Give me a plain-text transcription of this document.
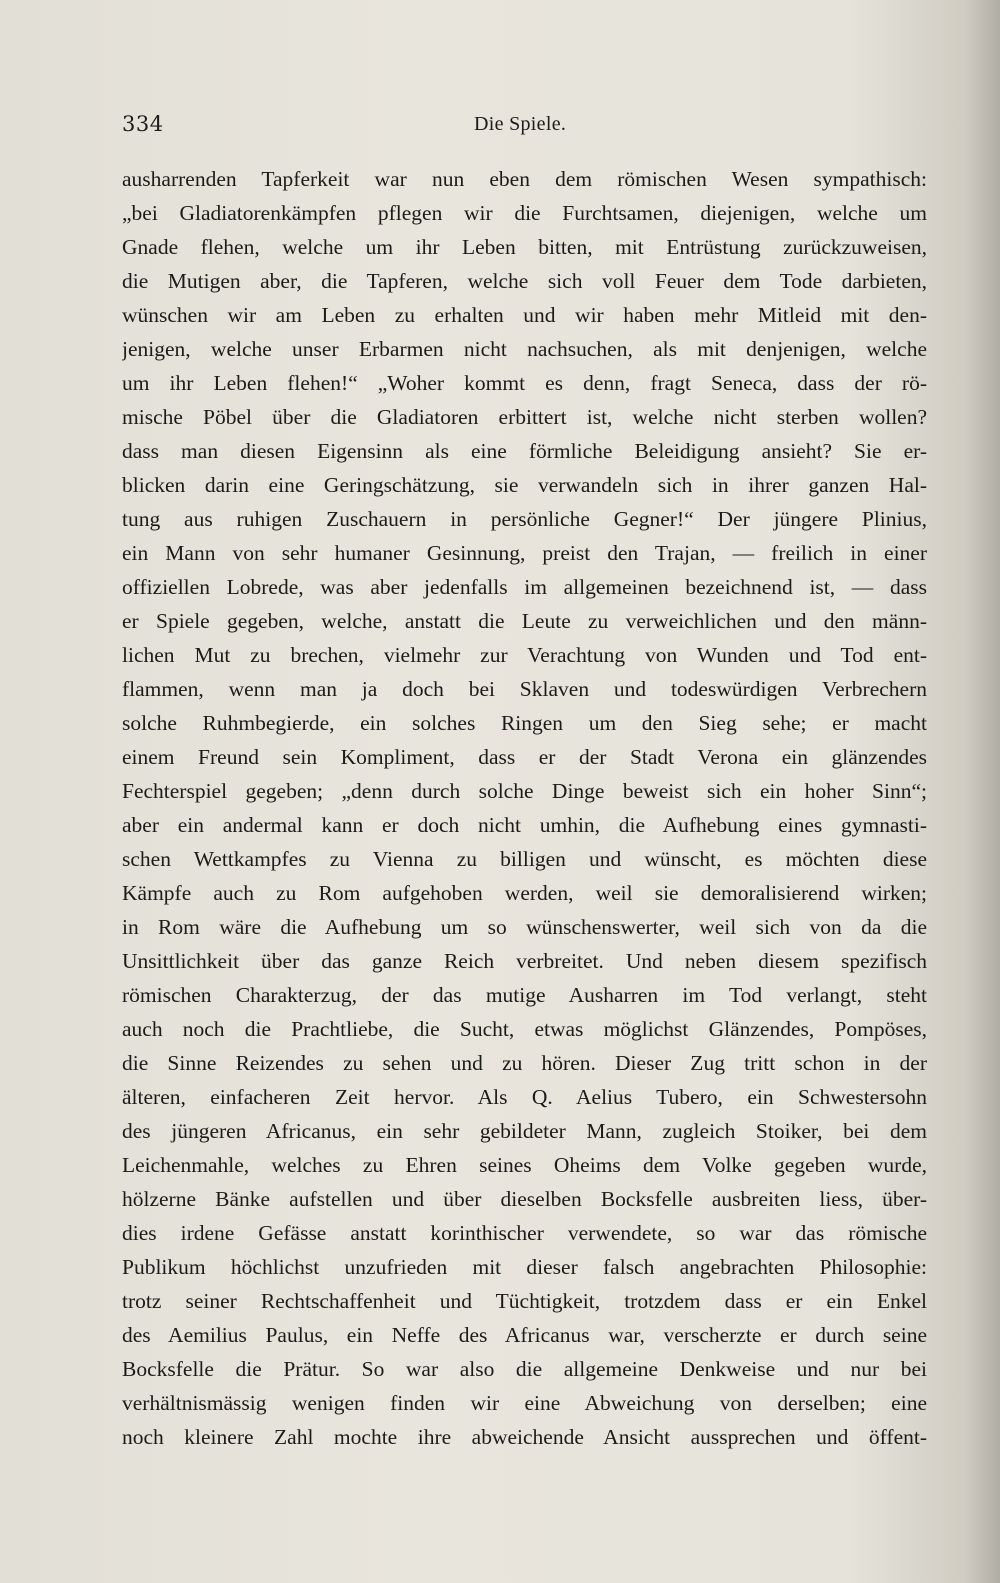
334	Die Spiele.
ausharrenden Tapferkeit war nun eben dem römischen Wesen sympathisch:
„bei Gladiatorenkämpfen pflegen wir die Furchtsamen, diejenigen, welche um
Gnade flehen, welche um ihr Leben bitten, mit Entrüstung zurückzuweisen,
die Mutigen aber, die Tapferen, welche sich voll Feuer dem Tode darbieten,
wünschen wir am Leben zu erhalten und wir haben mehr Mitleid mit den-
jenigen, welche unser Erbarmen nicht nachsuchen, als mit denjenigen, welche
um ihr Leben flehen!“ „Woher kommt es denn, fragt Seneca, dass der rö-
mische Pöbel über die Gladiatoren erbittert ist, welche nicht sterben wollen?
dass man diesen Eigensinn als eine förmliche Beleidigung ansieht? Sie er-
blicken darin eine Geringschätzung, sie verwandeln sich in ihrer ganzen Hal-
tung aus ruhigen Zuschauern in persönliche Gegner!“ Der jüngere Plinius,
ein Mann von sehr humaner Gesinnung, preist den Trajan, — freilich in einer
offiziellen Lobrede, was aber jedenfalls im allgemeinen bezeichnend ist, — dass
er Spiele gegeben, welche, anstatt die Leute zu verweichlichen und den männ-
lichen Mut zu brechen, vielmehr zur Verachtung von Wunden und Tod ent-
flammen, wenn man ja doch bei Sklaven und todeswürdigen Verbrechern
solche Ruhmbegierde, ein solches Ringen um den Sieg sehe; er macht
einem Freund sein Kompliment, dass er der Stadt Verona ein glänzendes
Fechterspiel gegeben; „denn durch solche Dinge beweist sich ein hoher Sinn“;
aber ein andermal kann er doch nicht umhin, die Aufhebung eines gymnasti-
schen Wettkampfes zu Vienna zu billigen und wünscht, es möchten diese
Kämpfe auch zu Rom aufgehoben werden, weil sie demoralisierend wirken;
in Rom wäre die Aufhebung um so wünschenswerter, weil sich von da die
Unsittlichkeit über das ganze Reich verbreitet. Und neben diesem spezifisch
römischen Charakterzug, der das mutige Ausharren im Tod verlangt, steht
auch noch die Prachtliebe, die Sucht, etwas möglichst Glänzendes, Pompöses,
die Sinne Reizendes zu sehen und zu hören. Dieser Zug tritt schon in der
älteren, einfacheren Zeit hervor. Als Q. Aelius Tubero, ein Schwestersohn
des jüngeren Africanus, ein sehr gebildeter Mann, zugleich Stoiker, bei dem
Leichenmahle, welches zu Ehren seines Oheims dem Volke gegeben wurde,
hölzerne Bänke aufstellen und über dieselben Bocksfelle ausbreiten liess, über-
dies irdene Gefässe anstatt korinthischer verwendete, so war das römische
Publikum höchlichst unzufrieden mit dieser falsch angebrachten Philosophie:
trotz seiner Rechtschaffenheit und Tüchtigkeit, trotzdem dass er ein Enkel
des Aemilius Paulus, ein Neffe des Africanus war, verscherzte er durch seine
Bocksfelle die Prätur. So war also die allgemeine Denkweise und nur bei
verhältnismässig wenigen finden wir eine Abweichung von derselben; eine
noch kleinere Zahl mochte ihre abweichende Ansicht aussprechen und öffent-
